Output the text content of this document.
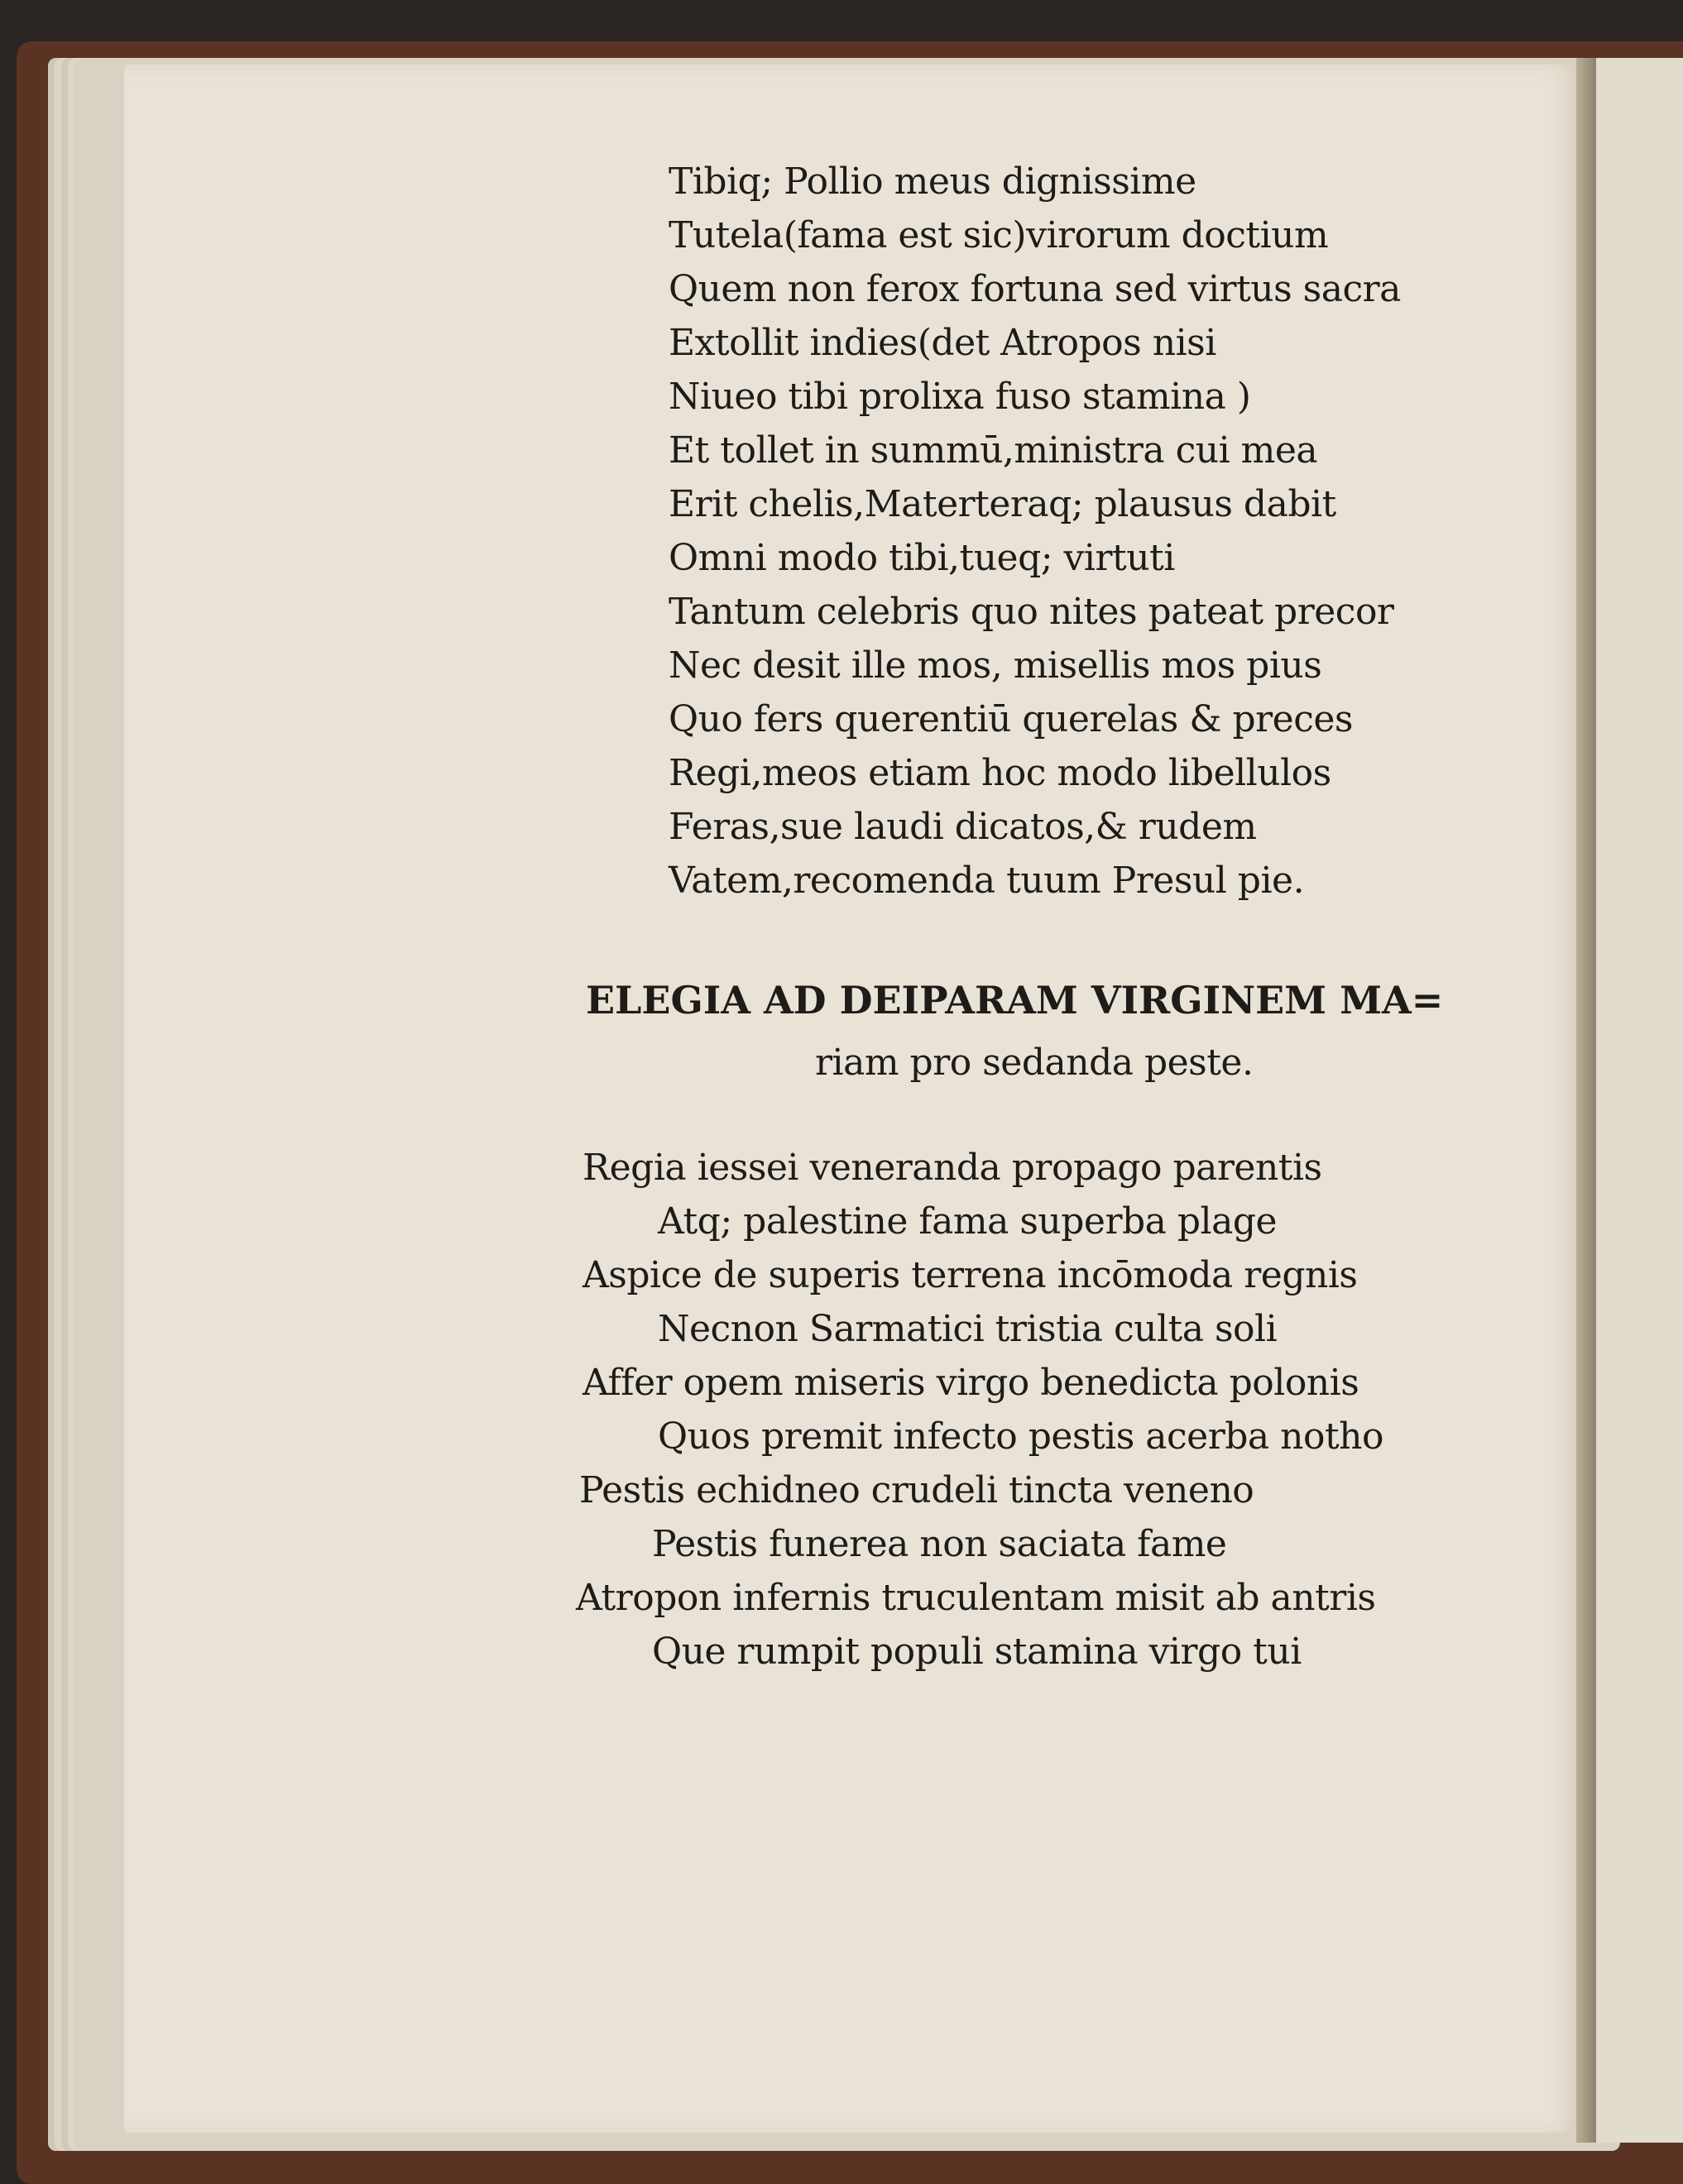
Tibiq; Pollio meus dignissime
Tutela(fama est sic)virorum doctium
Quem non ferox fortuna sed virtus sacra
Extollit indies(det Atropos nisi
Niueo tibi prolixa fuso stamina )
Et tollet in summū,ministra cui mea
Erit chelis,Materteraq; plausus dabit
Omni modo tibi,tueq; virtuti
Tantum celebris quo nites pateat precor
Nec desit ille mos, misellis mos pius
Quo fers querentiū querelas & preces
Regi,meos etiam hoc modo libellulos
Feras,sue laudi dicatos,& rudem
Vatem,recomenda tuum Presul pie.
ELEGIA AD DEIPARAM VIRGINEM MA=
riam pro sedanda peste.
Regia iessei veneranda propago parentis
Atq; palestine fama superba plage
Aspice de superis terrena incōmoda regnis
Necnon Sarmatici tristia culta soli
Affer opem miseris virgo benedicta polonis
Quos premit infecto pestis acerba notho
Pestis echidneo crudeli tincta veneno
Pestis funerea non saciata fame
Atropon infernis truculentam misit ab antris
Que rumpit populi stamina virgo tui
